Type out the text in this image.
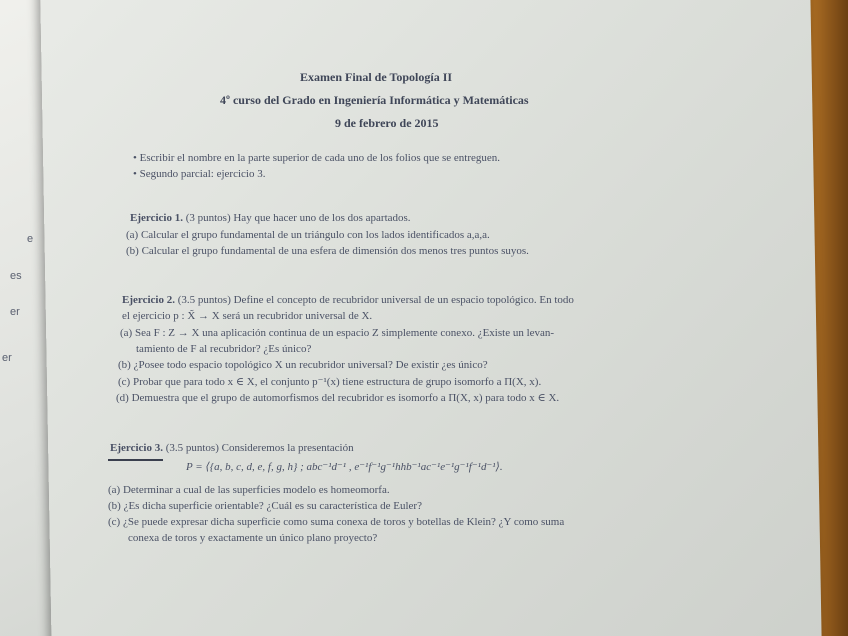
Examen Final de Topología II
4º curso del Grado en Ingeniería Informática y Matemáticas
9 de febrero de 2015
• Escribir el nombre en la parte superior de cada uno de los folios que se entreguen.
• Segundo parcial: ejercicio 3.
Ejercicio 1. (3 puntos) Hay que hacer uno de los dos apartados.
(a) Calcular el grupo fundamental de un triángulo con los lados identificados a,a,a.
(b) Calcular el grupo fundamental de una esfera de dimensión dos menos tres puntos suyos.
Ejercicio 2. (3.5 puntos) Define el concepto de recubridor universal de un espacio topológico. En todo
el ejercicio p : X̃ → X será un recubridor universal de X.
(a) Sea F : Z → X una aplicación continua de un espacio Z simplemente conexo. ¿Existe un levan-
tamiento de F al recubridor? ¿Es único?
(b) ¿Posee todo espacio topológico X un recubridor universal? De existir ¿es único?
(c) Probar que para todo x ∈ X, el conjunto p⁻¹(x) tiene estructura de grupo isomorfo a Π(X, x).
(d) Demuestra que el grupo de automorfismos del recubridor es isomorfo a Π(X, x) para todo x ∈ X.
Ejercicio 3. (3.5 puntos) Consideremos la presentación
P = ⟨{a, b, c, d, e, f, g, h} ; abc⁻¹d⁻¹ , e⁻¹f⁻¹g⁻¹hhb⁻¹ac⁻¹e⁻¹g⁻¹f⁻¹d⁻¹⟩.
(a) Determinar a cual de las superficies modelo es homeomorfa.
(b) ¿Es dicha superficie orientable? ¿Cuál es su característica de Euler?
(c) ¿Se puede expresar dicha superficie como suma conexa de toros y botellas de Klein? ¿Y como suma
conexa de toros y exactamente un único plano proyecto?
e
es
er
er
